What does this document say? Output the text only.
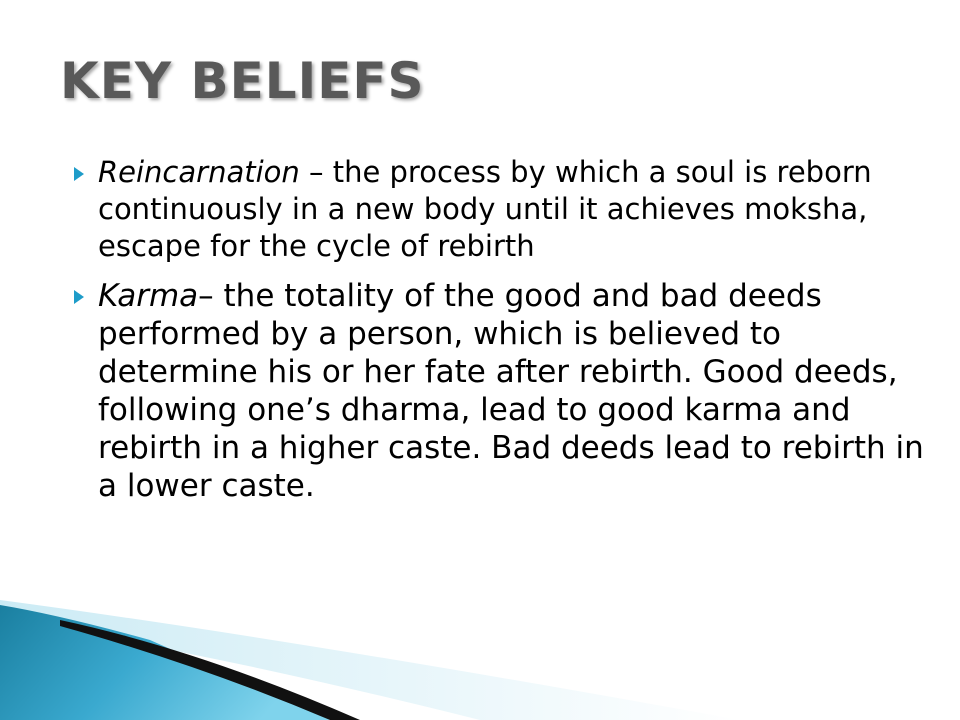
KEY BELIEFS
Reincarnation – the process by which a soul is reborn continuously in a new body until it achieves moksha, escape for the cycle of rebirth
Karma– the totality of the good and bad deeds performed by a person, which is believed to determine his or her fate after rebirth. Good deeds, following one’s dharma, lead to good karma and rebirth in a higher caste. Bad deeds lead to rebirth in a lower caste.
